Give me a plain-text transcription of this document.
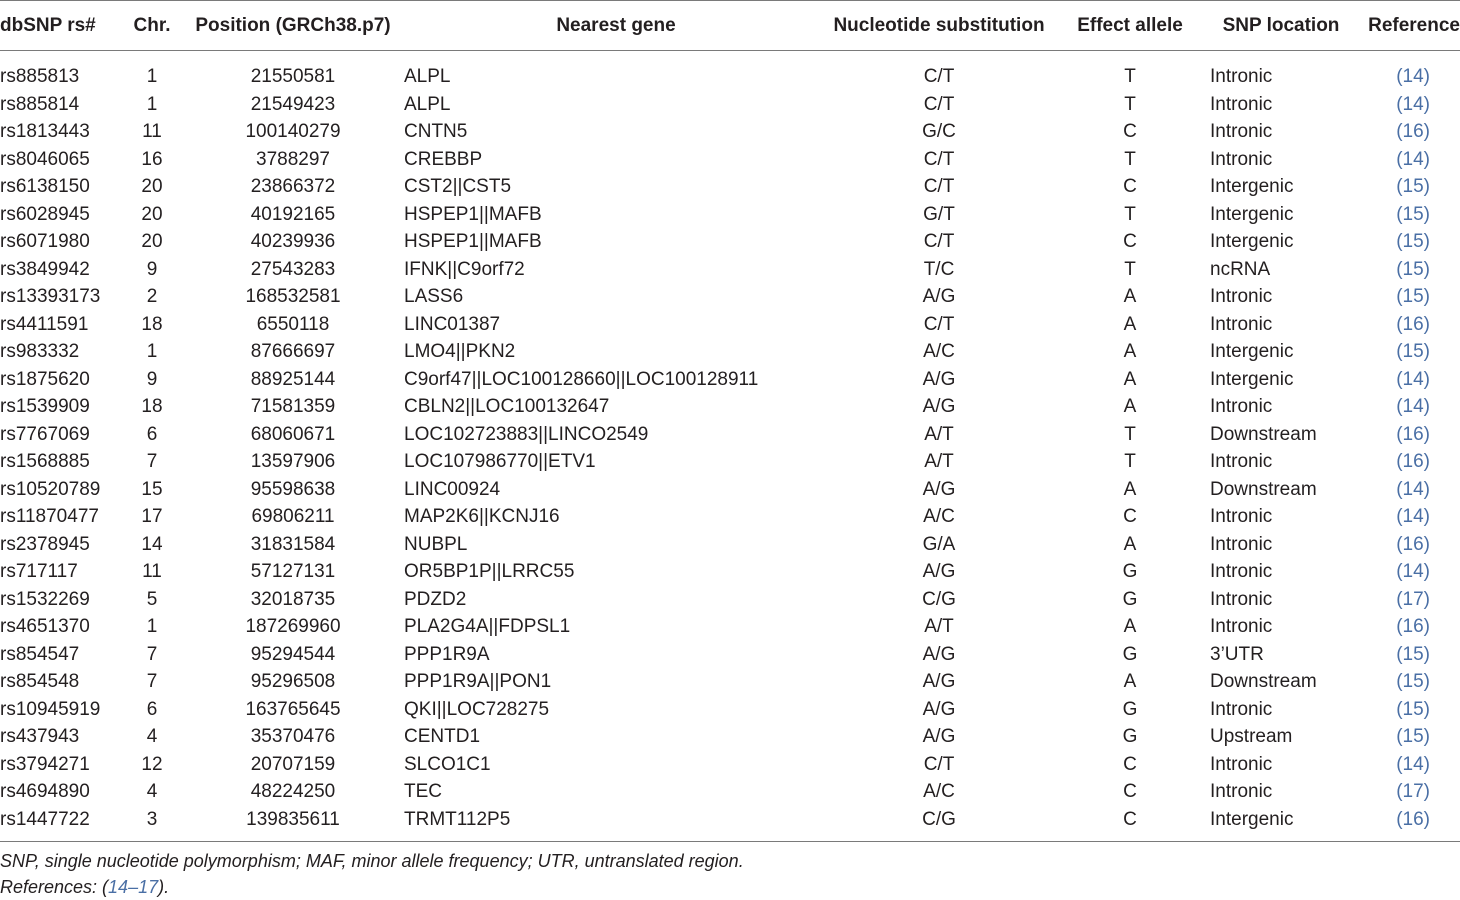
dbSNP rs#	Chr.	Position (GRCh38.p7)	Nearest gene	Nucleotide substitution	Effect allele	SNP location	Reference
rs885813	1	21550581	ALPL	C/T	T	Intronic	(14)
rs885814	1	21549423	ALPL	C/T	T	Intronic	(14)
rs1813443	11	100140279	CNTN5	G/C	C	Intronic	(16)
rs8046065	16	3788297	CREBBP	C/T	T	Intronic	(14)
rs6138150	20	23866372	CST2||CST5	C/T	C	Intergenic	(15)
rs6028945	20	40192165	HSPEP1||MAFB	G/T	T	Intergenic	(15)
rs6071980	20	40239936	HSPEP1||MAFB	C/T	C	Intergenic	(15)
rs3849942	9	27543283	IFNK||C9orf72	T/C	T	ncRNA	(15)
rs13393173	2	168532581	LASS6	A/G	A	Intronic	(15)
rs4411591	18	6550118	LINC01387	C/T	A	Intronic	(16)
rs983332	1	87666697	LMO4||PKN2	A/C	A	Intergenic	(15)
rs1875620	9	88925144	C9orf47||LOC100128660||LOC100128911	A/G	A	Intergenic	(14)
rs1539909	18	71581359	CBLN2||LOC100132647	A/G	A	Intronic	(14)
rs7767069	6	68060671	LOC102723883||LINCO2549	A/T	T	Downstream	(16)
rs1568885	7	13597906	LOC107986770||ETV1	A/T	T	Intronic	(16)
rs10520789	15	95598638	LINC00924	A/G	A	Downstream	(14)
rs11870477	17	69806211	MAP2K6||KCNJ16	A/C	C	Intronic	(14)
rs2378945	14	31831584	NUBPL	G/A	A	Intronic	(16)
rs717117	11	57127131	OR5BP1P||LRRC55	A/G	G	Intronic	(14)
rs1532269	5	32018735	PDZD2	C/G	G	Intronic	(17)
rs4651370	1	187269960	PLA2G4A||FDPSL1	A/T	A	Intronic	(16)
rs854547	7	95294544	PPP1R9A	A/G	G	3’UTR	(15)
rs854548	7	95296508	PPP1R9A||PON1	A/G	A	Downstream	(15)
rs10945919	6	163765645	QKI||LOC728275	A/G	G	Intronic	(15)
rs437943	4	35370476	CENTD1	A/G	G	Upstream	(15)
rs3794271	12	20707159	SLCO1C1	C/T	C	Intronic	(14)
rs4694890	4	48224250	TEC	A/C	C	Intronic	(17)
rs1447722	3	139835611	TRMT112P5	C/G	C	Intergenic	(16)
SNP, single nucleotide polymorphism; MAF, minor allele frequency; UTR, untranslated region.
References: (14–17).
